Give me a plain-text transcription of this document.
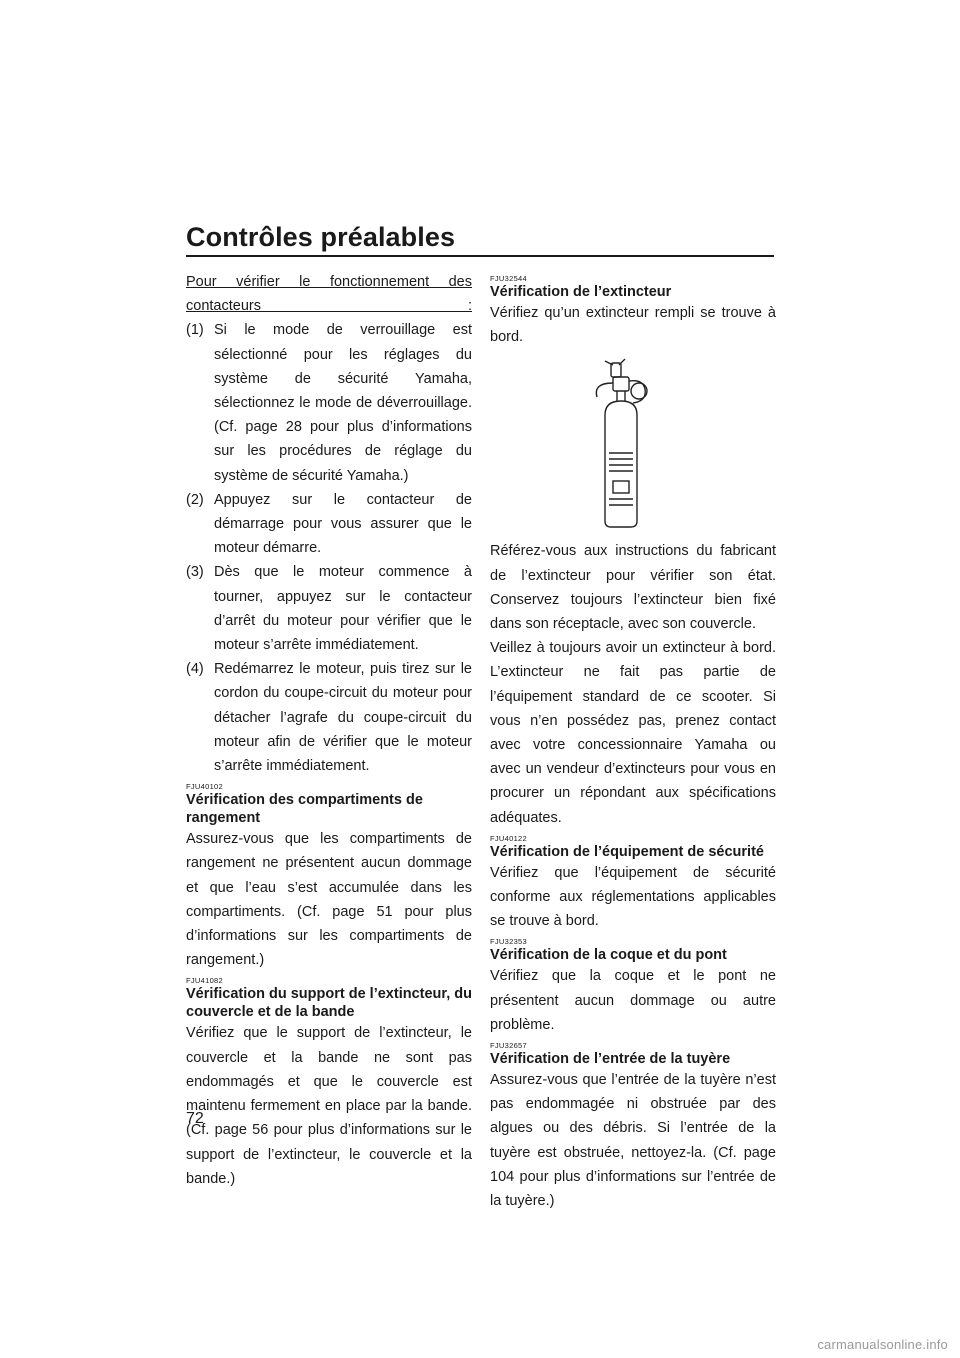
Contrôles préalables

Pour vérifier le fonctionnement des contacteurs :

(1) Si le mode de verrouillage est sélectionné pour les réglages du système de sécurité Yamaha, sélectionnez le mode de déverrouillage. (Cf. page 28 pour plus d’informations sur les procédures de réglage du système de sécurité Yamaha.)
(2) Appuyez sur le contacteur de démarrage pour vous assurer que le moteur démarre.
(3) Dès que le moteur commence à tourner, appuyez sur le contacteur d’arrêt du moteur pour vérifier que le moteur s’arrête immédiatement.
(4) Redémarrez le moteur, puis tirez sur le cordon du coupe-circuit du moteur pour détacher l’agrafe du coupe-circuit du moteur afin de vérifier que le moteur s’arrête immédiatement.
FJU40102
Vérification des compartiments de rangement

Assurez-vous que les compartiments de rangement ne présentent aucun dommage et que l’eau s’est accumulée dans les compartiments. (Cf. page 51 pour plus d’informations sur les compartiments de rangement.)

FJU41082
Vérification du support de l’extincteur, du couvercle et de la bande

Vérifiez que le support de l’extincteur, le couvercle et la bande ne sont pas endommagés et que le couvercle est maintenu fermement en place par la bande. (Cf. page 56 pour plus d’informations sur le support de l’extincteur, le couvercle et la bande.)

FJU32544
Vérification de l’extincteur

Vérifiez qu’un extincteur rempli se trouve à bord.

Référez-vous aux instructions du fabricant de l’extincteur pour vérifier son état. Conservez toujours l’extincteur bien fixé dans son réceptacle, avec son couvercle.

Veillez à toujours avoir un extincteur à bord. L’extincteur ne fait pas partie de l’équipement standard de ce scooter. Si vous n’en possédez pas, prenez contact avec votre concessionnaire Yamaha ou avec un vendeur d’extincteurs pour vous en procurer un répondant aux spécifications adéquates.

FJU40122
Vérification de l’équipement de sécurité

Vérifiez que l’équipement de sécurité conforme aux réglementations applicables se trouve à bord.

FJU32353
Vérification de la coque et du pont

Vérifiez que la coque et le pont ne présentent aucun dommage ou autre problème.

FJU32657
Vérification de l’entrée de la tuyère

Assurez-vous que l’entrée de la tuyère n’est pas endommagée ni obstruée par des algues ou des débris. Si l’entrée de la tuyère est obstruée, nettoyez-la. (Cf. page 104 pour plus d’informations sur l’entrée de la tuyère.)

72
carmanualsonline.info
